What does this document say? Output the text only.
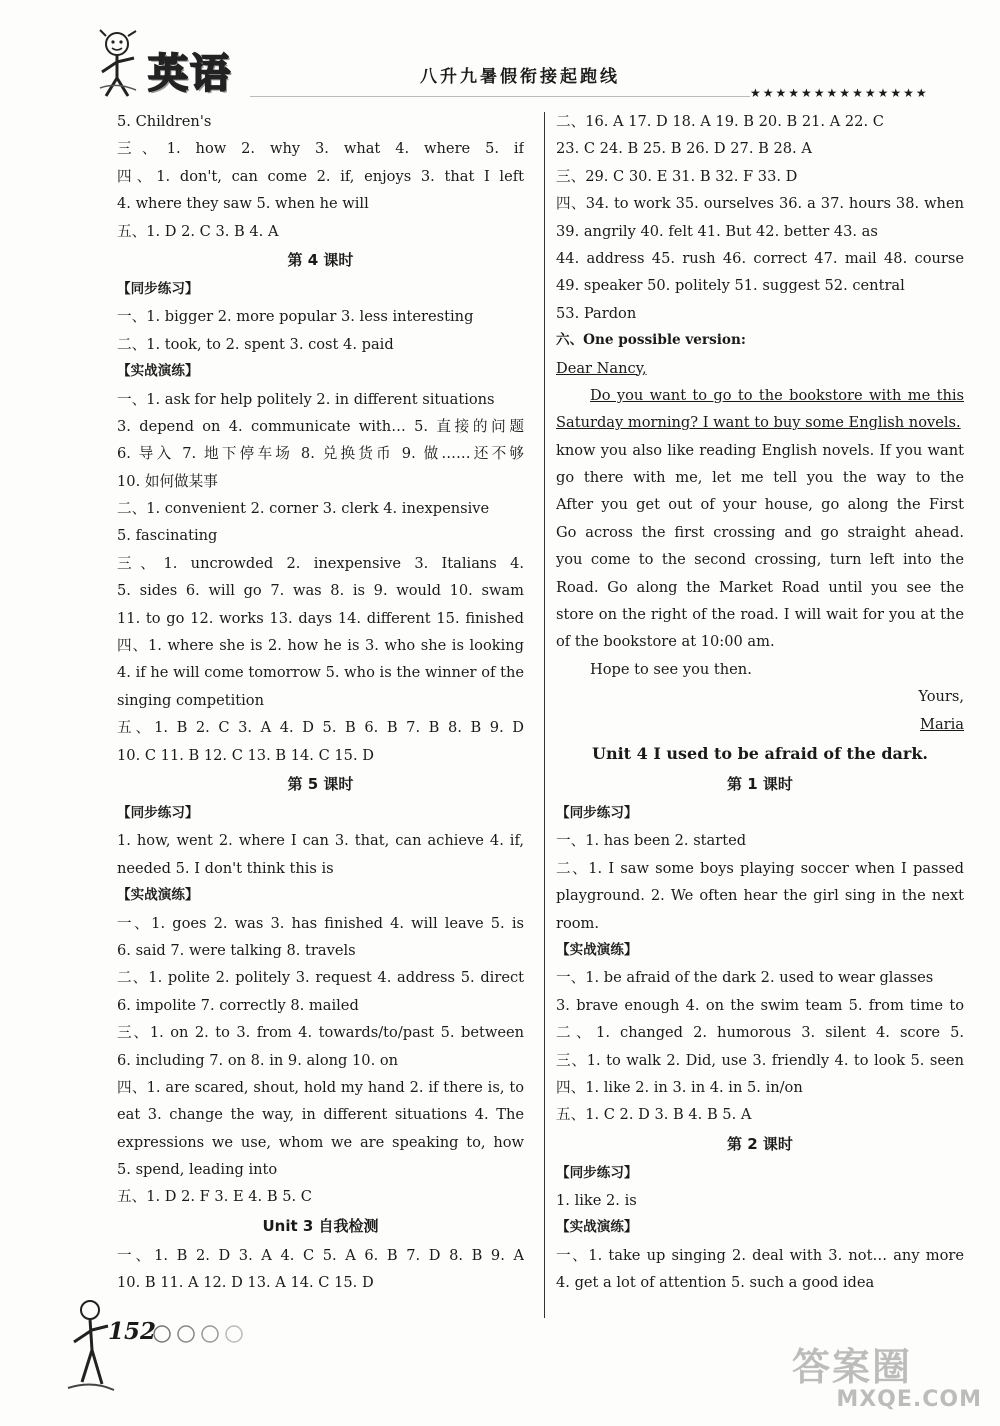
英语	八升九暑假衔接起跑线
★★★★★★★★★★★★★★
5. Children's
三、1. how 2. why 3. what 4. where 5. if
四、1. don't, can come 2. if, enjoys 3. that I left
4. where they saw 5. when he will
五、1. D 2. C 3. B 4. A
第 4 课时
【同步练习】
一、1. bigger 2. more popular 3. less interesting
二、1. took, to 2. spent 3. cost 4. paid
【实战演练】
一、1. ask for help politely 2. in different situations
3. depend on 4. communicate with… 5. 直接的问题
6. 导入 7. 地下停车场 8. 兑换货币 9. 做……还不够
10. 如何做某事
二、1. convenient 2. corner 3. clerk 4. inexpensive
5. fascinating
三、1. uncrowded 2. inexpensive 3. Italians 4.
5. sides 6. will go 7. was 8. is 9. would 10. swam
11. to go 12. works 13. days 14. different 15. finished
四、1. where she is 2. how he is 3. who she is looking
4. if he will come tomorrow 5. who is the winner of the
singing competition
五、1. B 2. C 3. A 4. D 5. B 6. B 7. B 8. B 9. D
10. C 11. B 12. C 13. B 14. C 15. D
第 5 课时
【同步练习】
1. how, went 2. where I can 3. that, can achieve 4. if,
needed 5. I don't think this is
【实战演练】
一、1. goes 2. was 3. has finished 4. will leave 5. is
6. said 7. were talking 8. travels
二、1. polite 2. politely 3. request 4. address 5. direct
6. impolite 7. correctly 8. mailed
三、1. on 2. to 3. from 4. towards/to/past 5. between
6. including 7. on 8. in 9. along 10. on
四、1. are scared, shout, hold my hand 2. if there is, to
eat 3. change the way, in different situations 4. The
expressions we use, whom we are speaking to, how
5. spend, leading into
五、1. D 2. F 3. E 4. B 5. C
Unit 3 自我检测
一、1. B 2. D 3. A 4. C 5. A 6. B 7. D 8. B 9. A
10. B 11. A 12. D 13. A 14. C 15. D
二、16. A 17. D 18. A 19. B 20. B 21. A 22. C
23. C 24. B 25. B 26. D 27. B 28. A
三、29. C 30. E 31. B 32. F 33. D
四、34. to work 35. ourselves 36. a 37. hours 38. when
39. angrily 40. felt 41. But 42. better 43. as
44. address 45. rush 46. correct 47. mail 48. course
49. speaker 50. politely 51. suggest 52. central
53. Pardon
六、One possible version:
Dear Nancy,
Do you want to go to the bookstore with me this
Saturday morning? I want to buy some English novels.
know you also like reading English novels. If you want
go there with me, let me tell you the way to the
After you get out of your house, go along the First
Go across the first crossing and go straight ahead.
you come to the second crossing, turn left into the
Road. Go along the Market Road until you see the
store on the right of the road. I will wait for you at the
of the bookstore at 10:00 am.
Hope to see you then.
Yours,
Maria
Unit 4 I used to be afraid of the dark.
第 1 课时
【同步练习】
一、1. has been 2. started
二、1. I saw some boys playing soccer when I passed
playground. 2. We often hear the girl sing in the next
room.
【实战演练】
一、1. be afraid of the dark 2. used to wear glasses
3. brave enough 4. on the swim team 5. from time to
二、1. changed 2. humorous 3. silent 4. score 5.
三、1. to walk 2. Did, use 3. friendly 4. to look 5. seen
四、1. like 2. in 3. in 4. in 5. in/on
五、1. C 2. D 3. B 4. B 5. A
第 2 课时
【同步练习】
1. like 2. is
【实战演练】
一、1. take up singing 2. deal with 3. not… any more
4. get a lot of attention 5. such a good idea
152
答案圈
MXQE.COM
